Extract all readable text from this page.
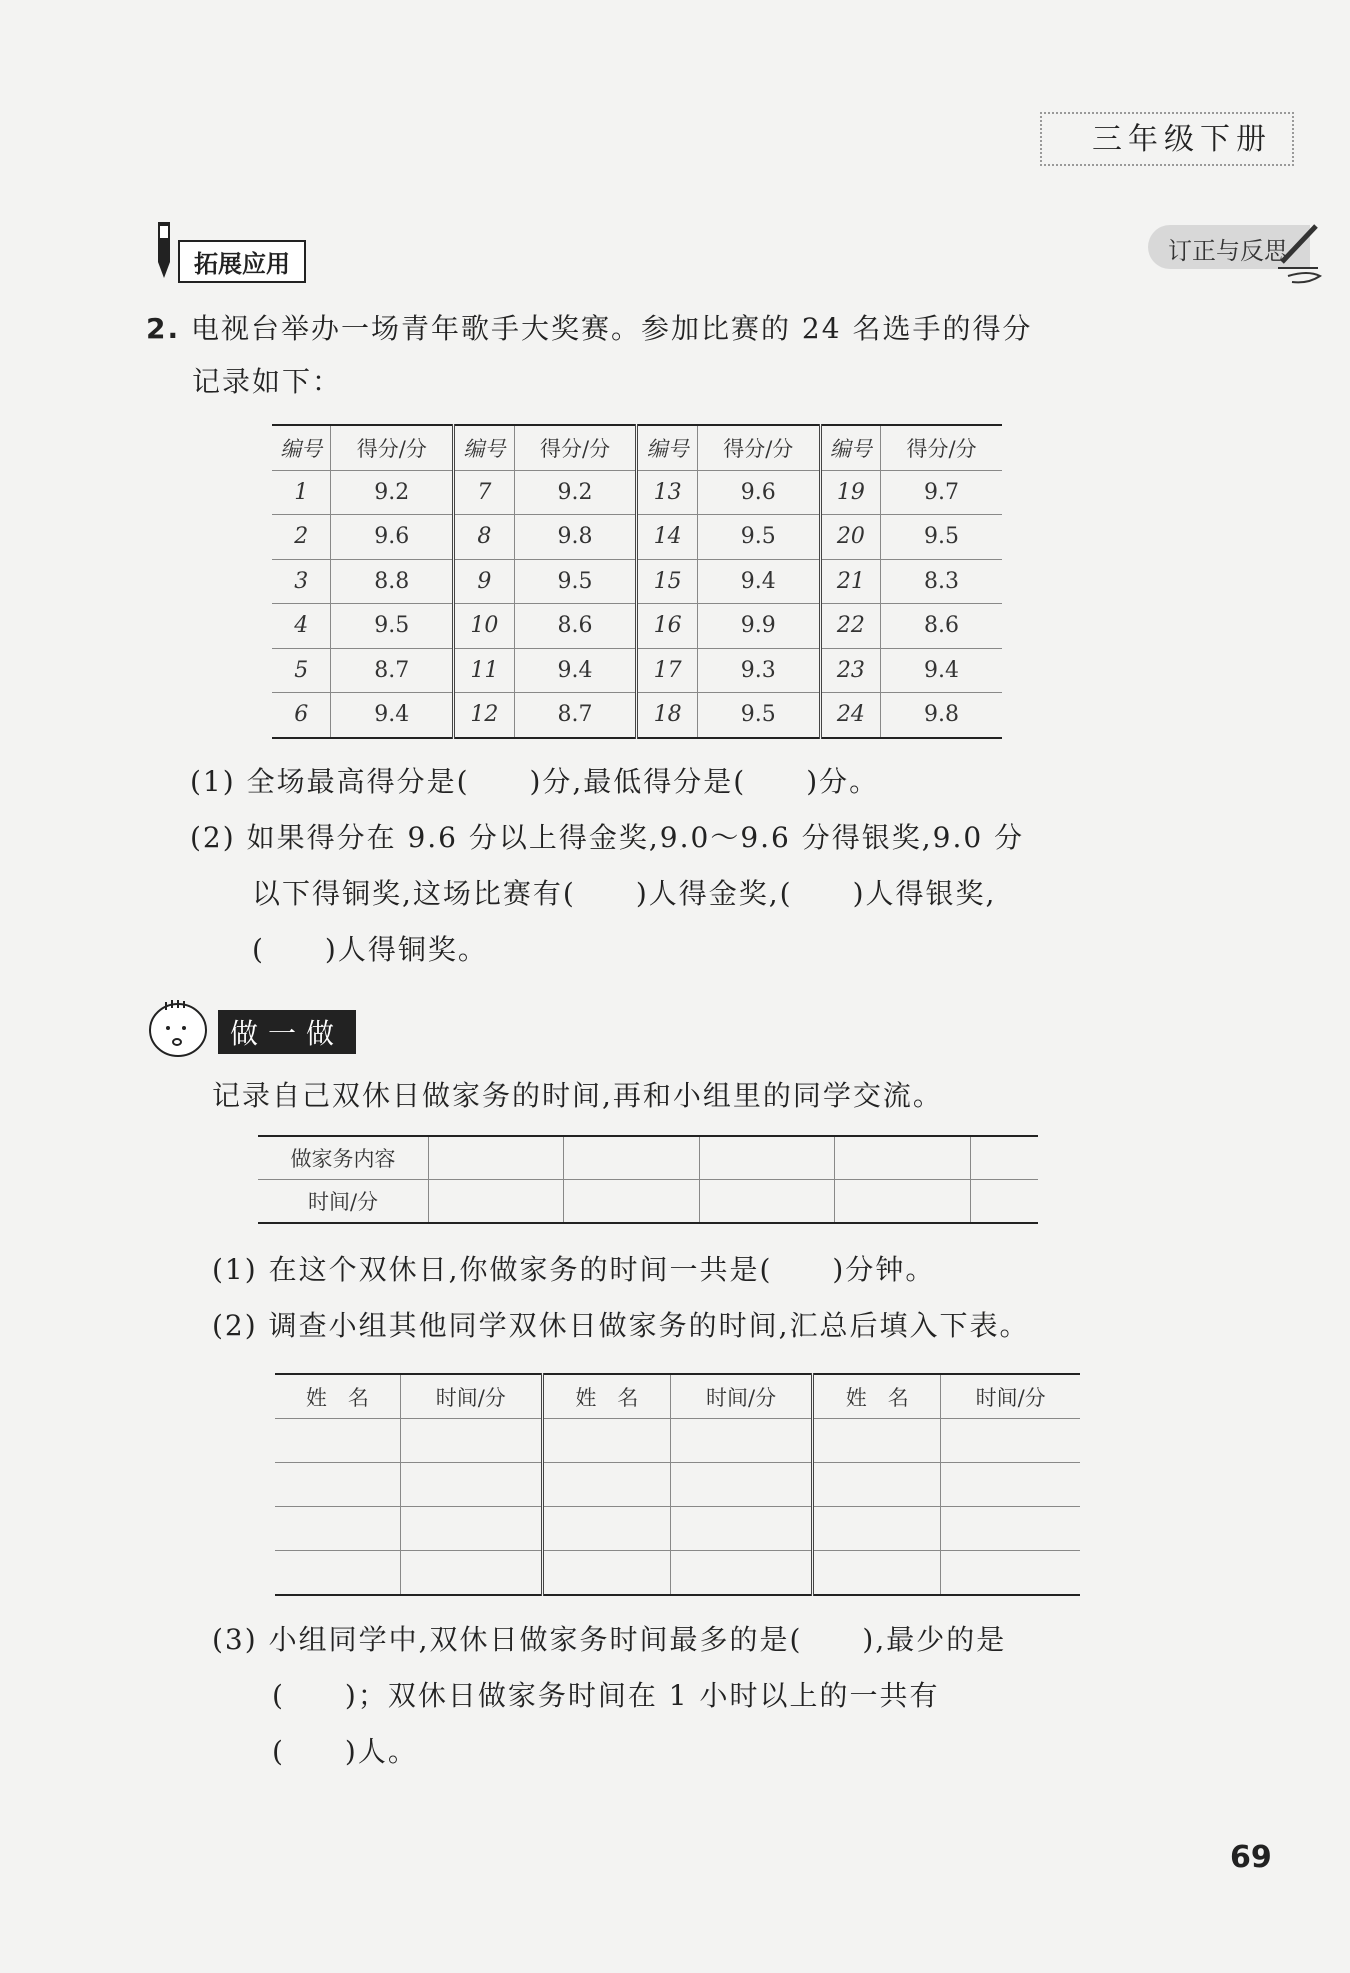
三年级下册
订正与反思
拓展应用
2. 电视台举办一场青年歌手大奖赛。参加比赛的 24 名选手的得分
记录如下：
编号	得分/分	编号	得分/分	编号	得分/分	编号	得分/分
1	9.2	7	9.2	13	9.6	19	9.7
2	9.6	8	9.8	14	9.5	20	9.5
3	8.8	9	9.5	15	9.4	21	8.3
4	9.5	10	8.6	16	9.9	22	8.6
5	8.7	11	9.4	17	9.3	23	9.4
6	9.4	12	8.7	18	9.5	24	9.8
(1) 全场最高得分是(　　)分,最低得分是(　　)分。
(2) 如果得分在 9.6 分以上得金奖,9.0～9.6 分得银奖,9.0 分
以下得铜奖,这场比赛有(　　)人得金奖,(　　)人得银奖,
(　　)人得铜奖。
做一做
记录自己双休日做家务的时间,再和小组里的同学交流。
做家务内容					
时间/分					
(1) 在这个双休日,你做家务的时间一共是(　　)分钟。
(2) 调查小组其他同学双休日做家务的时间,汇总后填入下表。
姓　名	时间/分	姓　名	时间/分	姓　名	时间/分

(3) 小组同学中,双休日做家务时间最多的是(　　),最少的是
(　　)；双休日做家务时间在 1 小时以上的一共有
(　　)人。
69
